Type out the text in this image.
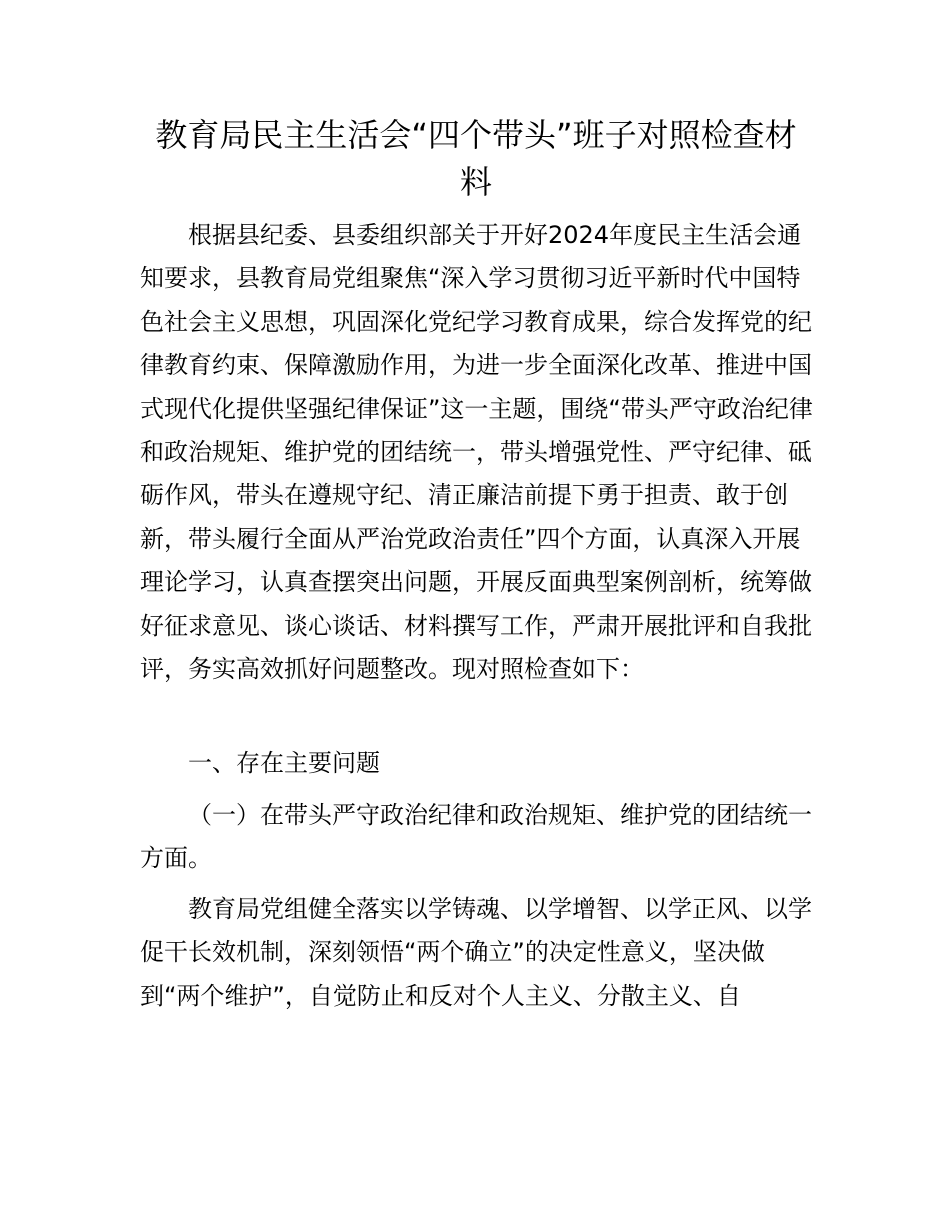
教育局民主生活会“四个带头”班子对照检查材料

根据县纪委、县委组织部关于开好2024年度民主生活会通知要求，县教育局党组聚焦“深入学习贯彻习近平新时代中国特色社会主义思想，巩固深化党纪学习教育成果，综合发挥党的纪律教育约束、保障激励作用，为进一步全面深化改革、推进中国式现代化提供坚强纪律保证”这一主题，围绕“带头严守政治纪律和政治规矩、维护党的团结统一，带头增强党性、严守纪律、砥砺作风，带头在遵规守纪、清正廉洁前提下勇于担责、敢于创新，带头履行全面从严治党政治责任”四个方面，认真深入开展理论学习，认真查摆突出问题，开展反面典型案例剖析，统筹做好征求意见、谈心谈话、材料撰写工作，严肃开展批评和自我批评，务实高效抓好问题整改。现对照检查如下：

一、存在主要问题

（一）在带头严守政治纪律和政治规矩、维护党的团结统一方面。

教育局党组健全落实以学铸魂、以学增智、以学正风、以学促干长效机制，深刻领悟“两个确立”的决定性意义，坚决做到“两个维护”，自觉防止和反对个人主义、分散主义、自
